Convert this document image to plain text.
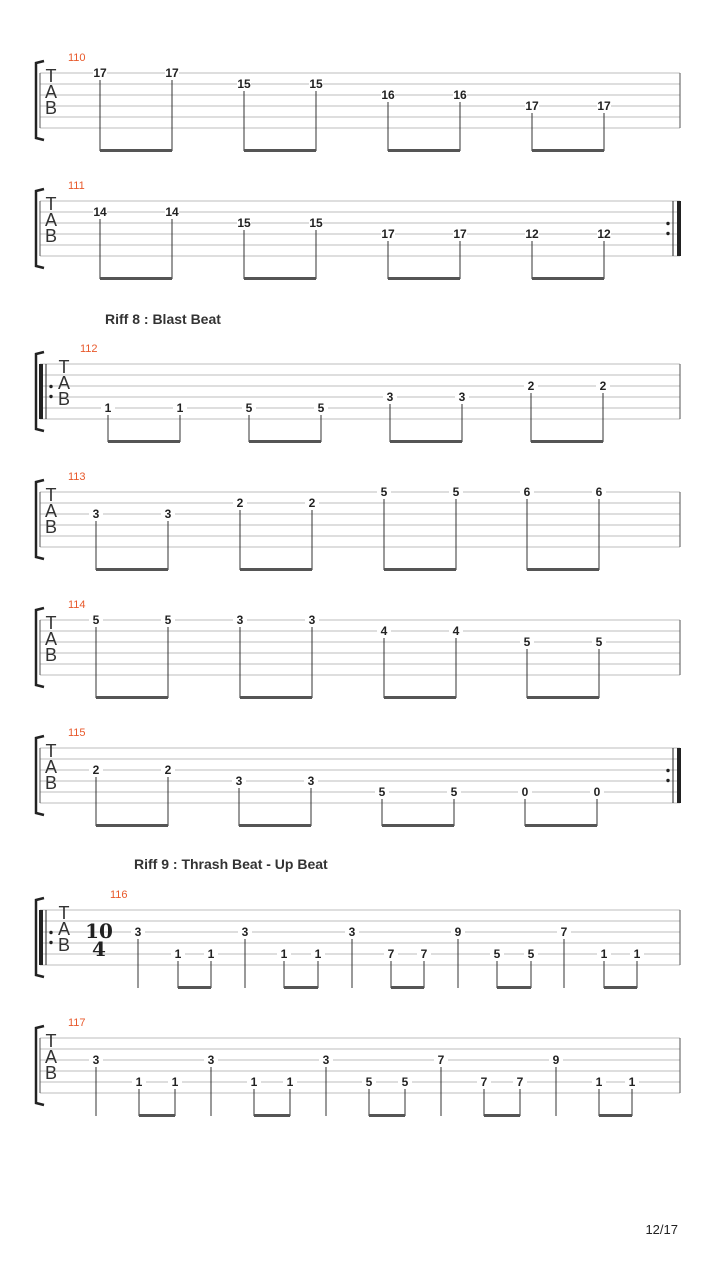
T
A
B
110
17	17
15	15
16	16
17	17
T
A
B
111
14	14
15	15
17	17	12	12
T
A
B
112
1	1	5	5
3	3
2	2
Riff 8 : Blast Beat
T
A
B
113
3	3
2	2
5	5	6	6
T
A
B
114
5	5	3	3
4	4
5	5
T
A
B
115
2	2
3	3
5	5	0	0
T
A
B
10
4
116
3
1 1
3
1 1
3
7 7
9
5 5
7
1 1
Riff 9 : Thrash Beat - Up Beat
T
A
B
117
3
1 1
3
1 1
3
5 5
7
7 7
9
1 1
12/17
